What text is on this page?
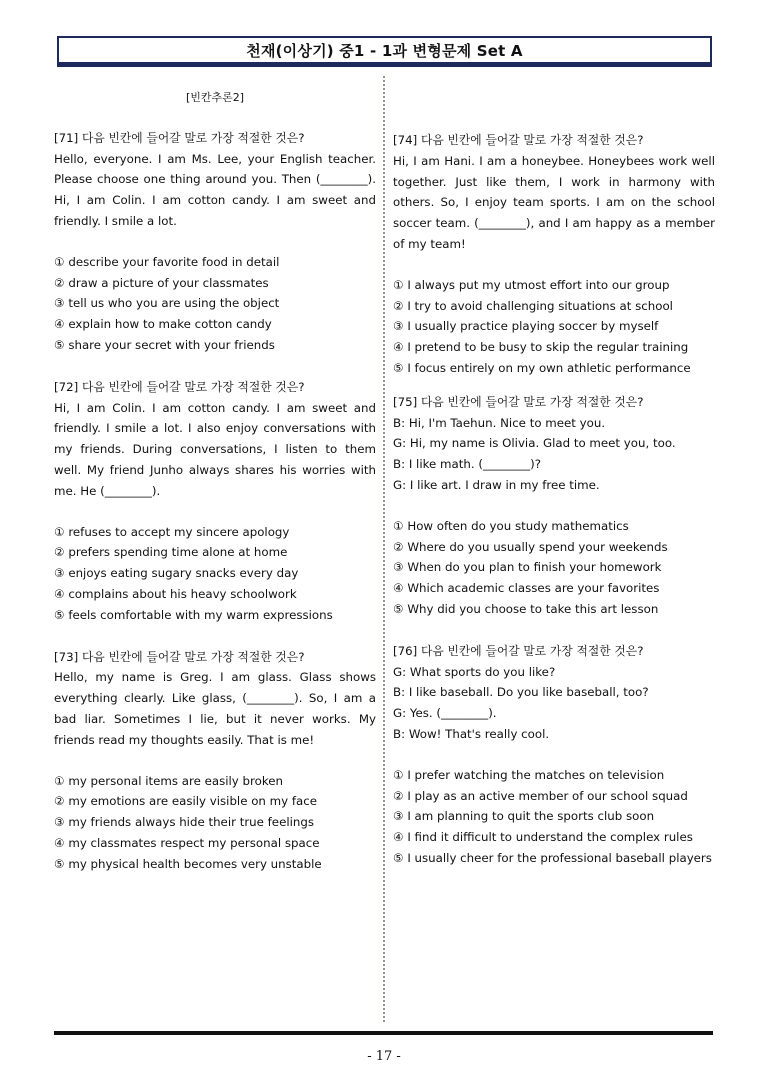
천재(이상기) 중1 - 1과 변형문제 Set A
[빈칸추론2]

[71] 다음 빈칸에 들어갈 말로 가장 적절한 것은?

Hello, everyone. I am Ms. Lee, your English teacher. Please choose one thing around you. Then (________). Hi, I am Colin. I am cotton candy. I am sweet and friendly. I smile a lot.

① describe your favorite food in detail
② draw a picture of your classmates
③ tell us who you are using the object
④ explain how to make cotton candy
⑤ share your secret with your friends

[72] 다음 빈칸에 들어갈 말로 가장 적절한 것은?

Hi, I am Colin. I am cotton candy. I am sweet and friendly. I smile a lot. I also enjoy conversations with my friends. During conversations, I listen to them well. My friend Junho always shares his worries with me. He (________).

① refuses to accept my sincere apology
② prefers spending time alone at home
③ enjoys eating sugary snacks every day
④ complains about his heavy schoolwork
⑤ feels comfortable with my warm expressions

[73] 다음 빈칸에 들어갈 말로 가장 적절한 것은?

Hello, my name is Greg. I am glass. Glass shows everything clearly. Like glass, (________). So, I am a bad liar. Sometimes I lie, but it never works. My friends read my thoughts easily. That is me!

① my personal items are easily broken
② my emotions are easily visible on my face
③ my friends always hide their true feelings
④ my classmates respect my personal space
⑤ my physical health becomes very unstable

[74] 다음 빈칸에 들어갈 말로 가장 적절한 것은?

Hi, I am Hani. I am a honeybee. Honeybees work well together. Just like them, I work in harmony with others. So, I enjoy team sports. I am on the school soccer team. (________), and I am happy as a member of my team!

① I always put my utmost effort into our group
② I try to avoid challenging situations at school
③ I usually practice playing soccer by myself
④ I pretend to be busy to skip the regular training
⑤ I focus entirely on my own athletic performance

[75] 다음 빈칸에 들어갈 말로 가장 적절한 것은?

B: Hi, I'm Taehun. Nice to meet you.

G: Hi, my name is Olivia. Glad to meet you, too.

B: I like math. (________)?

G: I like art. I draw in my free time.

① How often do you study mathematics
② Where do you usually spend your weekends
③ When do you plan to finish your homework
④ Which academic classes are your favorites
⑤ Why did you choose to take this art lesson

[76] 다음 빈칸에 들어갈 말로 가장 적절한 것은?

G: What sports do you like?

B: I like baseball. Do you like baseball, too?

G: Yes. (________).

B: Wow! That's really cool.

① I prefer watching the matches on television
② I play as an active member of our school squad
③ I am planning to quit the sports club soon
④ I find it difficult to understand the complex rules
⑤ I usually cheer for the professional baseball players
- 17 -
